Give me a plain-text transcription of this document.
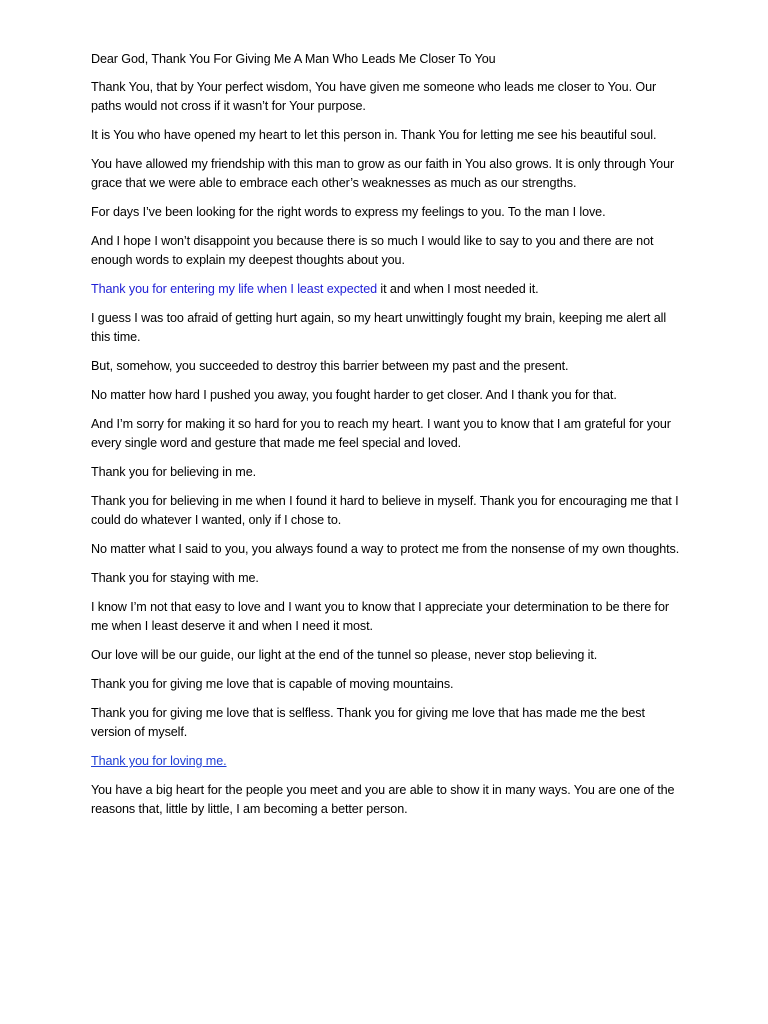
Dear God, Thank You For Giving Me A Man Who Leads Me Closer To You

Thank You, that by Your perfect wisdom, You have given me someone who leads me closer to You. Our paths would not cross if it wasn’t for Your purpose.

It is You who have opened my heart to let this person in. Thank You for letting me see his beautiful soul.

You have allowed my friendship with this man to grow as our faith in You also grows. It is only through Your grace that we were able to embrace each other’s weaknesses as much as our strengths.

For days I’ve been looking for the right words to express my feelings to you. To the man I love.

And I hope I won’t disappoint you because there is so much I would like to say to you and there are not enough words to explain my deepest thoughts about you.

Thank you for entering my life when I least expected it and when I most needed it.

I guess I was too afraid of getting hurt again, so my heart unwittingly fought my brain, keeping me alert all this time.

But, somehow, you succeeded to destroy this barrier between my past and the present.

No matter how hard I pushed you away, you fought harder to get closer. And I thank you for that.

And I’m sorry for making it so hard for you to reach my heart. I want you to know that I am grateful for your every single word and gesture that made me feel special and loved.

Thank you for believing in me.

Thank you for believing in me when I found it hard to believe in myself. Thank you for encouraging me that I could do whatever I wanted, only if I chose to.

No matter what I said to you, you always found a way to protect me from the nonsense of my own thoughts.

Thank you for staying with me.

I know I’m not that easy to love and I want you to know that I appreciate your determination to be there for me when I least deserve it and when I need it most.

Our love will be our guide, our light at the end of the tunnel so please, never stop believing it.

Thank you for giving me love that is capable of moving mountains.

Thank you for giving me love that is selfless. Thank you for giving me love that has made me the best version of myself.

Thank you for loving me.

You have a big heart for the people you meet and you are able to show it in many ways. You are one of the reasons that, little by little, I am becoming a better person.
